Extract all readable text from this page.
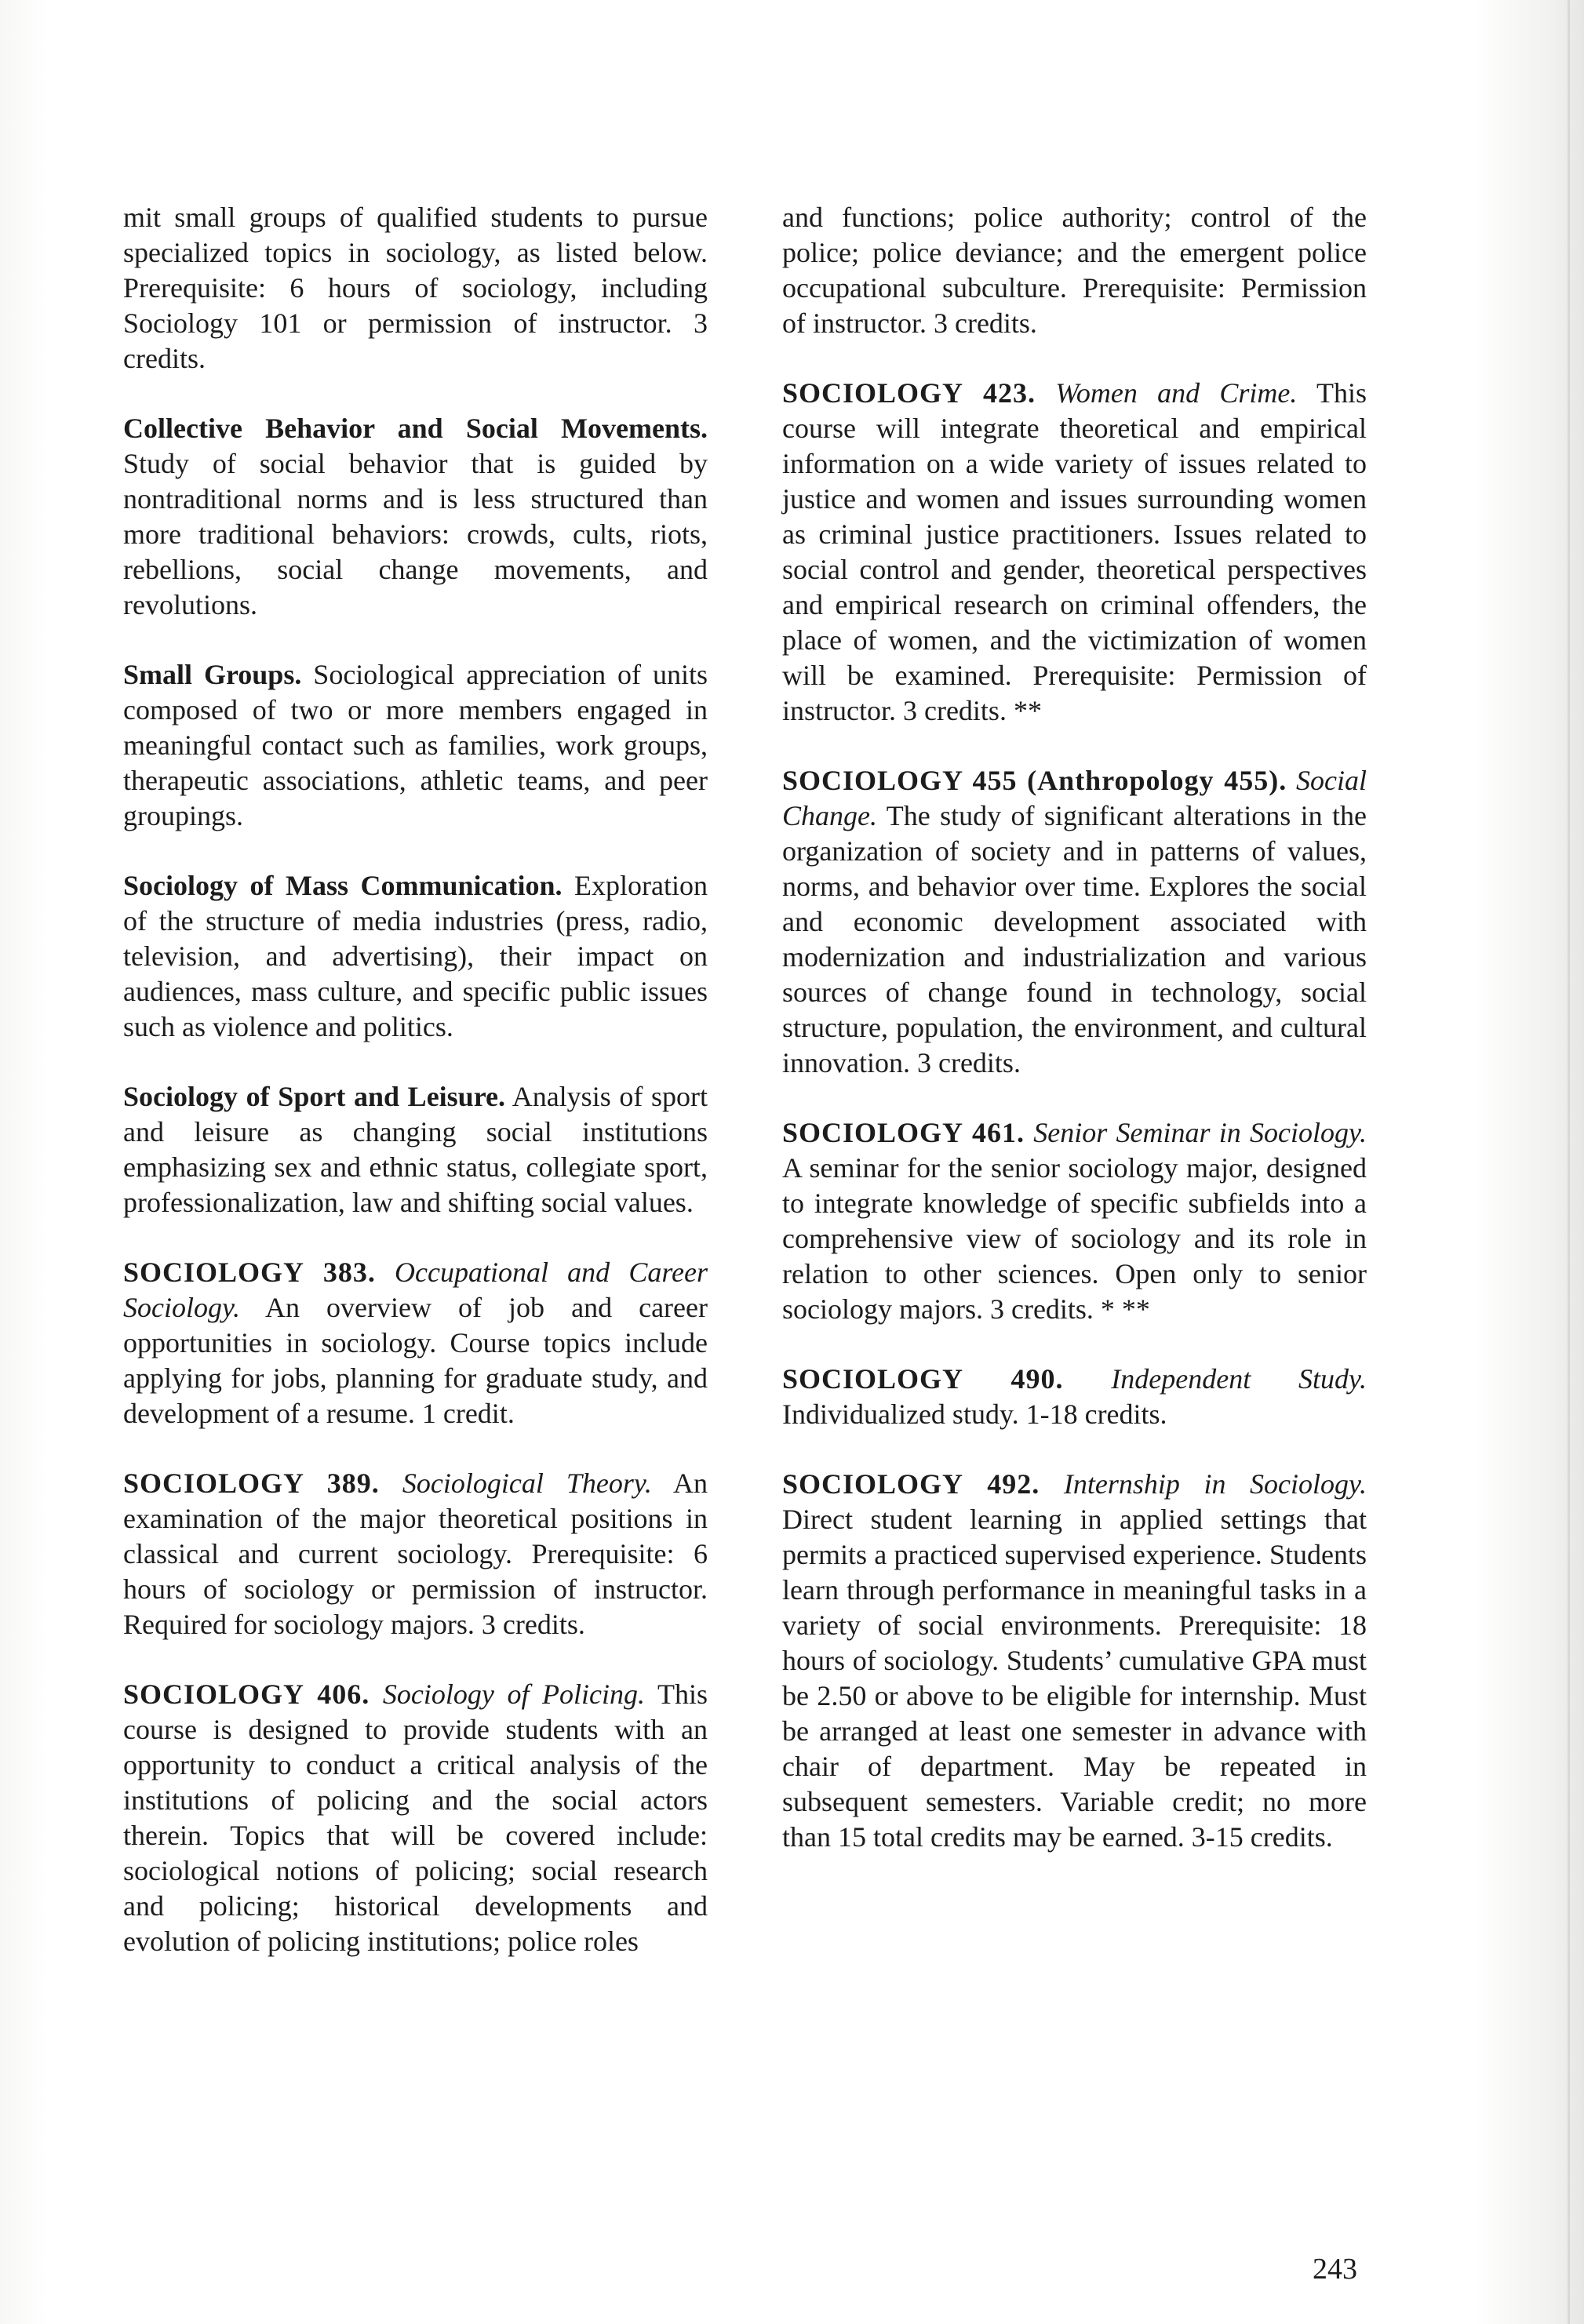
mit small groups of qualified students to pursue specialized topics in sociology, as listed below. Prerequisite: 6 hours of sociology, including Sociology 101 or permission of instructor. 3 credits.

Collective Behavior and Social Movements. Study of social behavior that is guided by nontraditional norms and is less structured than more traditional behaviors: crowds, cults, riots, rebellions, social change movements, and revolutions.

Small Groups. Sociological appreciation of units composed of two or more members engaged in meaningful contact such as families, work groups, therapeutic associations, athletic teams, and peer groupings.

Sociology of Mass Communication. Exploration of the structure of media industries (press, radio, television, and advertising), their impact on audiences, mass culture, and specific public issues such as violence and politics.

Sociology of Sport and Leisure. Analysis of sport and leisure as changing social institutions emphasizing sex and ethnic status, collegiate sport, professionalization, law and shifting social values.

SOCIOLOGY 383. Occupational and Career Sociology. An overview of job and career opportunities in sociology. Course topics include applying for jobs, planning for graduate study, and development of a resume. 1 credit.

SOCIOLOGY 389. Sociological Theory. An examination of the major theoretical positions in classical and current sociology. Prerequisite: 6 hours of sociology or permission of instructor. Required for sociology majors. 3 credits.

SOCIOLOGY 406. Sociology of Policing. This course is designed to provide students with an opportunity to conduct a critical analysis of the institutions of policing and the social actors therein. Topics that will be covered include: sociological notions of policing; social research and policing; historical developments and evolution of policing institutions; police roles

and functions; police authority; control of the police; police deviance; and the emergent police occupational subculture. Prerequisite: Permission of instructor. 3 credits.

SOCIOLOGY 423. Women and Crime. This course will integrate theoretical and empirical information on a wide variety of issues related to justice and women and issues surrounding women as criminal justice practitioners. Issues related to social control and gender, theoretical perspectives and empirical research on criminal offenders, the place of women, and the victimization of women will be examined. Prerequisite: Permission of instructor. 3 credits. **

SOCIOLOGY 455 (Anthropology 455). Social Change. The study of significant alterations in the organization of society and in patterns of values, norms, and behavior over time. Explores the social and economic development associated with modernization and industrialization and various sources of change found in technology, social structure, population, the environment, and cultural innovation. 3 credits.

SOCIOLOGY 461. Senior Seminar in Sociology. A seminar for the senior sociology major, designed to integrate knowledge of specific subfields into a comprehensive view of sociology and its role in relation to other sciences. Open only to senior sociology majors. 3 credits. * **

SOCIOLOGY 490. Independent Study. Individualized study. 1-18 credits.

SOCIOLOGY 492. Internship in Sociology. Direct student learning in applied settings that permits a practiced supervised experience. Students learn through performance in meaningful tasks in a variety of social environments. Prerequisite: 18 hours of sociology. Students’ cumulative GPA must be 2.50 or above to be eligible for internship. Must be arranged at least one semester in advance with chair of department. May be repeated in subsequent semesters. Variable credit; no more than 15 total credits may be earned. 3-15 credits.

243
